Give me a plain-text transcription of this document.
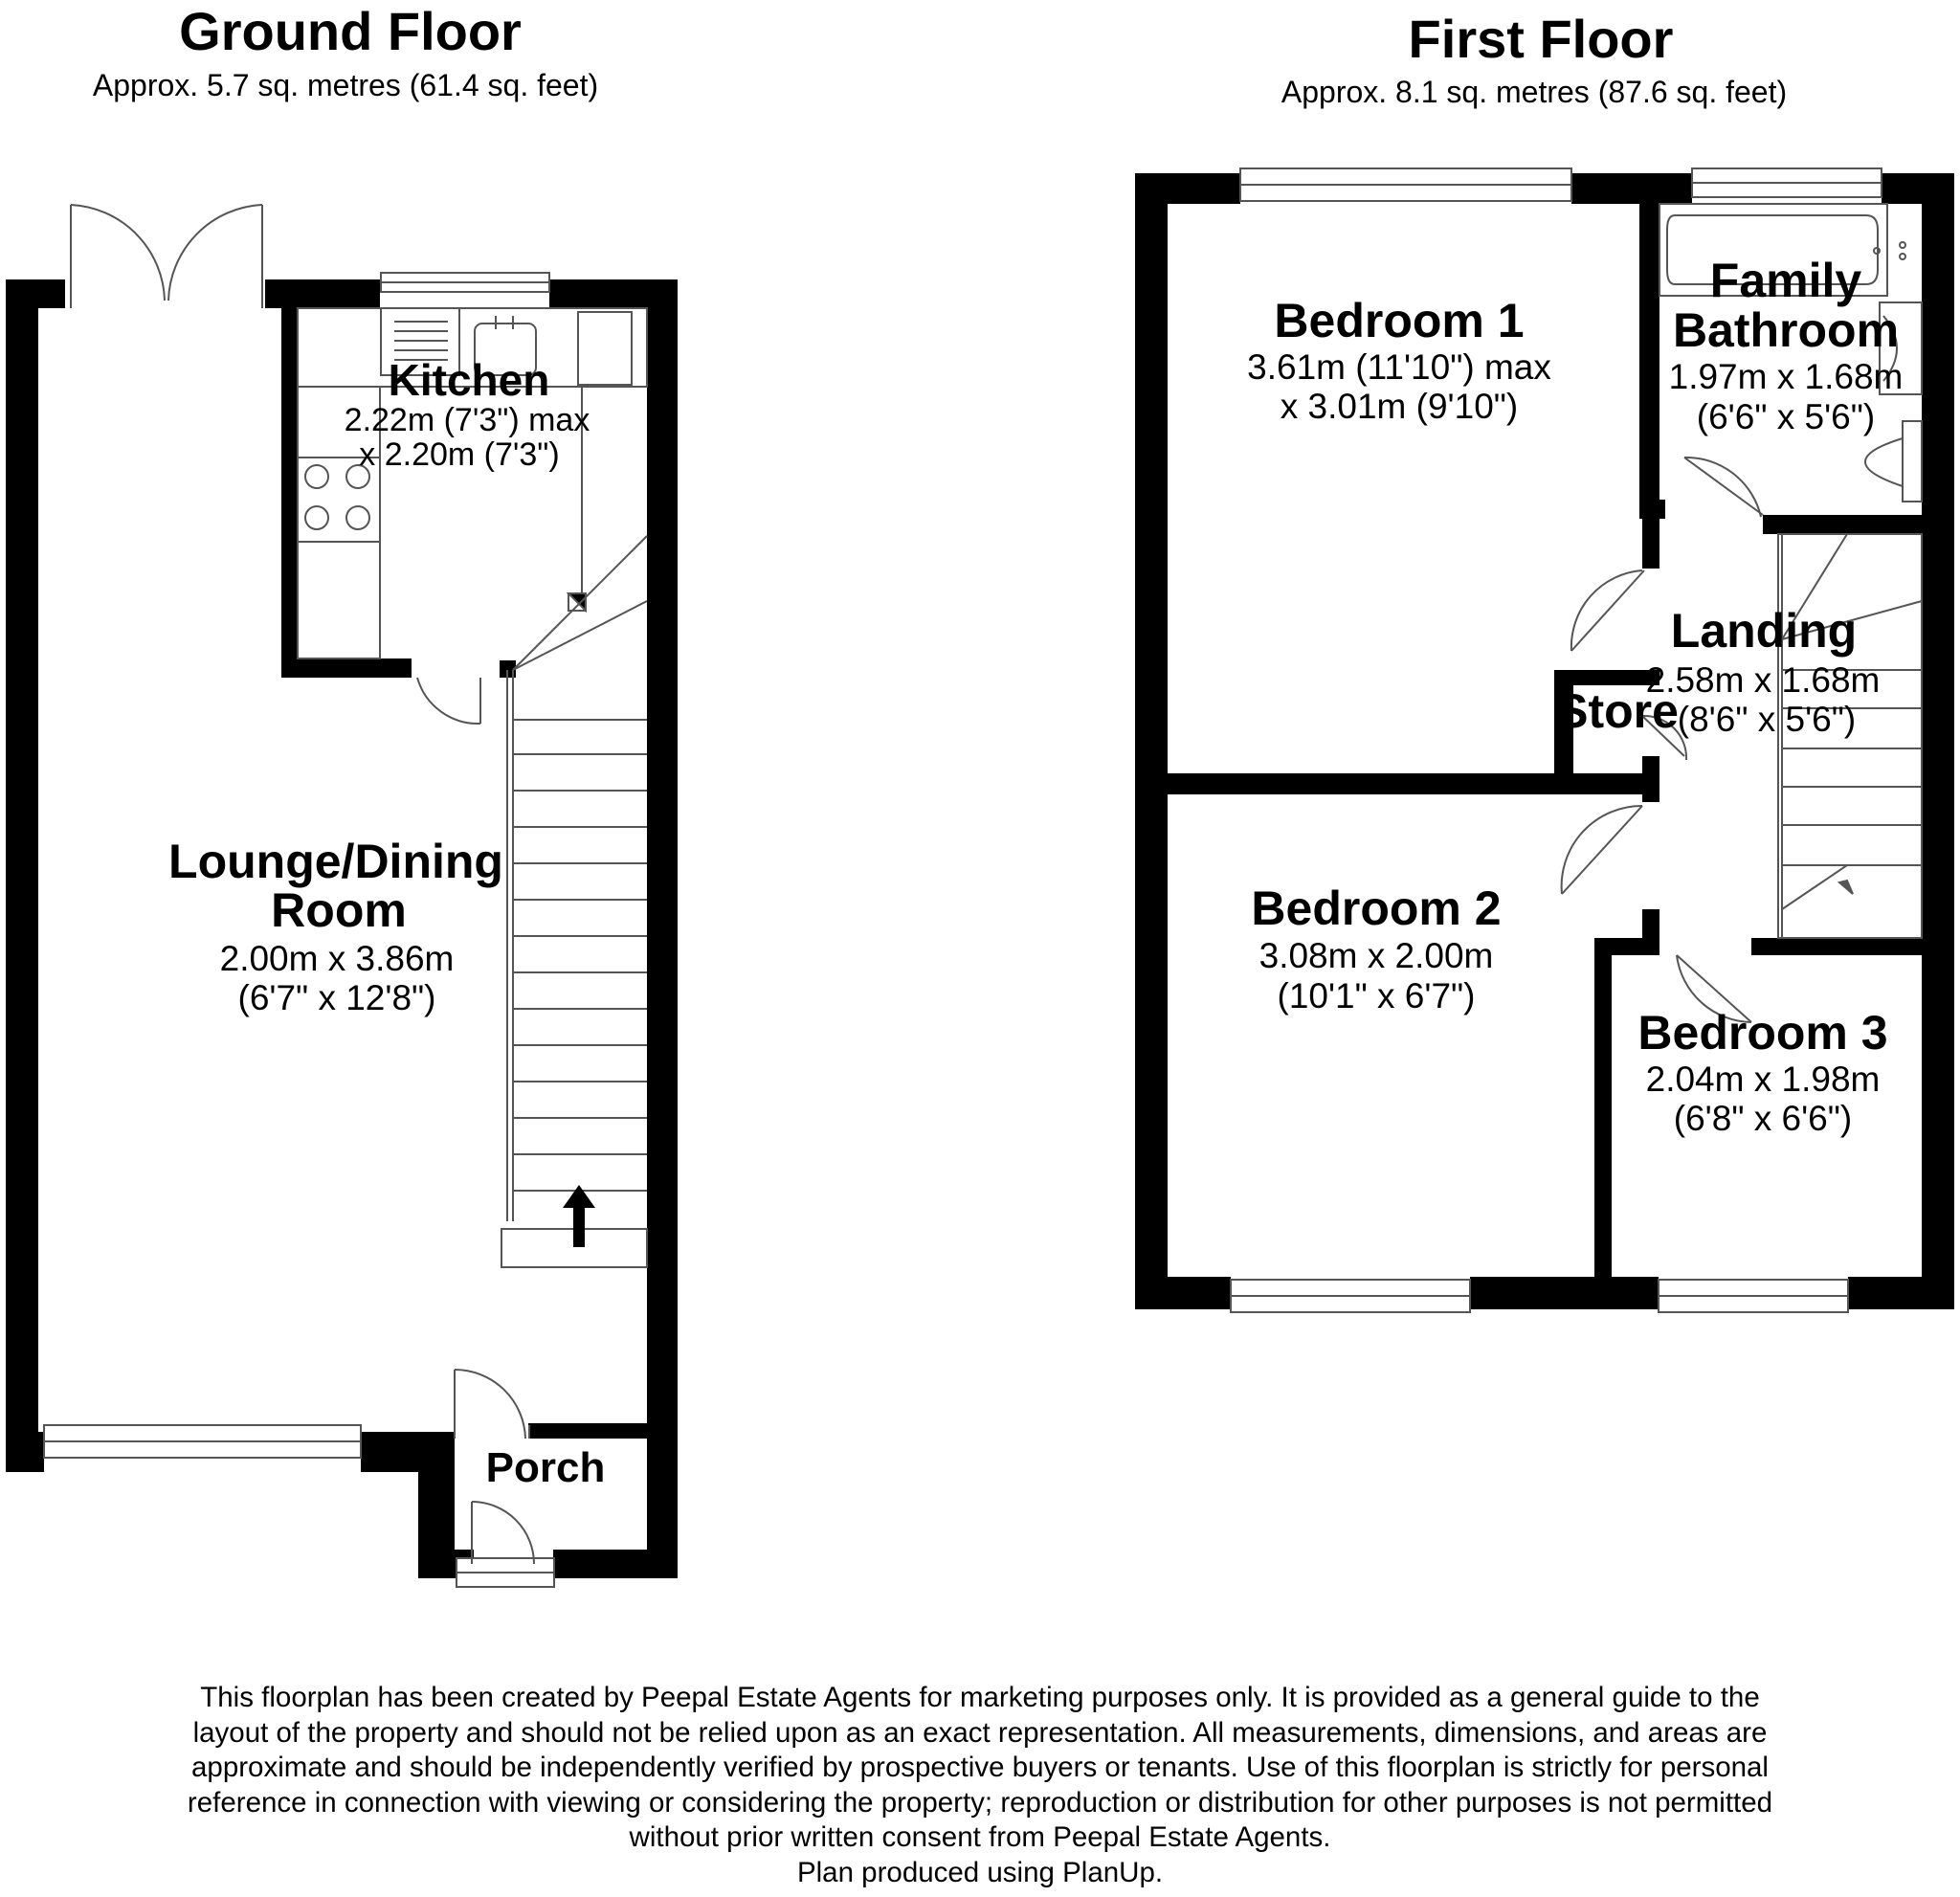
Ground Floor
Approx. 5.7 sq. metres (61.4 sq. feet)
Kitchen
2.22m (7'3") max
x 2.20m (7'3")
Lounge/Dining
Room
2.00m x 3.86m
(6'7" x 12'8")
Porch
First Floor
Approx. 8.1 sq. metres (87.6 sq. feet)
Bedroom 1
3.61m (11'10") max
x 3.01m (9'10")
Family
Bathroom
1.97m x 1.68m
(6'6" x 5'6")
Landing
2.58m x 1.68m
(8'6" x 5'6")
Store
Bedroom 2
3.08m x 2.00m
(10'1" x 6'7")
Bedroom 3
2.04m x 1.98m
(6'8" x 6'6")
This floorplan has been created by Peepal Estate Agents for marketing purposes only. It is provided as a general guide to the
layout of the property and should not be relied upon as an exact representation. All measurements, dimensions, and areas are
approximate and should be independently verified by prospective buyers or tenants. Use of this floorplan is strictly for personal
reference in connection with viewing or considering the property; reproduction or distribution for other purposes is not permitted
without prior written consent from Peepal Estate Agents.
Plan produced using PlanUp.
